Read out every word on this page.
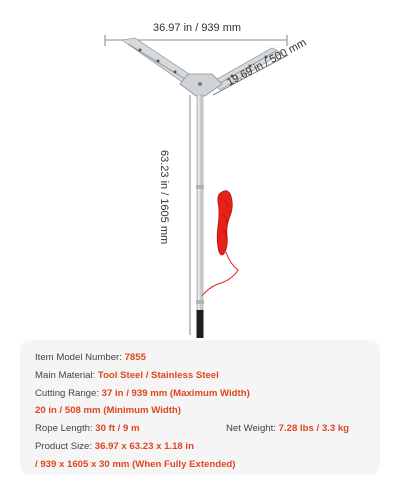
36.97 in / 939 mm
19.69 in / 500 mm
63.23 in / 1605 mm
Item Model Number: 7855
Main Material: Tool Steel / Stainless Steel
Cutting Range: 37 in / 939 mm (Maximum Width)
20 in / 508 mm (Minimum Width)
Rope Length: 30 ft / 9 m	Net Weight: 7.28 lbs / 3.3 kg
Product Size: 36.97 x 63.23 x 1.18 in
/ 939 x 1605 x 30 mm (When Fully Extended)
